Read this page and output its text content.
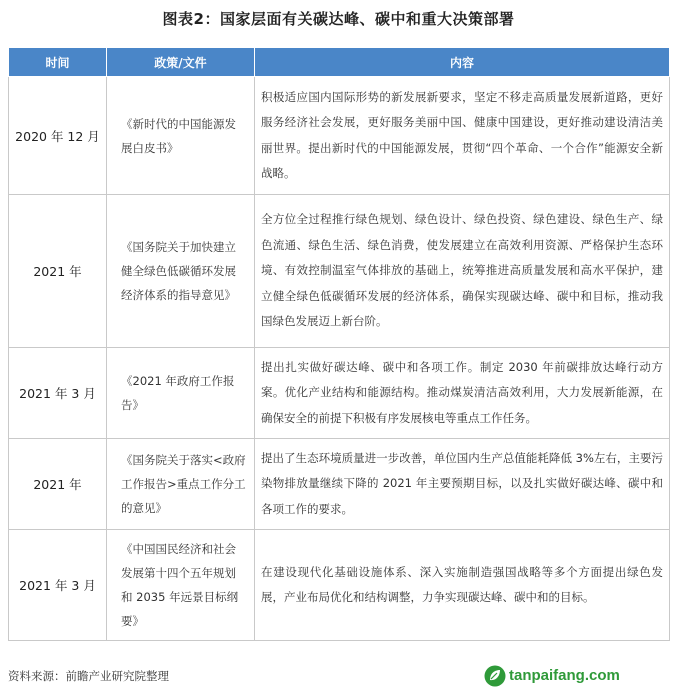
图表2：国家层面有关碳达峰、碳中和重大决策部署
时间	政策/文件	内容
2020 年 12 月	《新时代的中国能源发展白皮书》	积极适应国内国际形势的新发展新要求，坚定不移走高质量发展新道路，更好服务经济社会发展，更好服务美丽中国、健康中国建设，更好推动建设清洁美丽世界。提出新时代的中国能源发展，贯彻“四个革命、一个合作”能源安全新战略。
2021 年	《国务院关于加快建立健全绿色低碳循环发展经济体系的指导意见》	全方位全过程推行绿色规划、绿色设计、绿色投资、绿色建设、绿色生产、绿色流通、绿色生活、绿色消费，使发展建立在高效利用资源、严格保护生态环境、有效控制温室气体排放的基础上，统筹推进高质量发展和高水平保护，建立健全绿色低碳循环发展的经济体系，确保实现碳达峰、碳中和目标，推动我国绿色发展迈上新台阶。
2021 年 3 月	《2021 年政府工作报告》	提出扎实做好碳达峰、碳中和各项工作。制定 2030 年前碳排放达峰行动方案。优化产业结构和能源结构。推动煤炭清洁高效利用，大力发展新能源，在确保安全的前提下积极有序发展核电等重点工作任务。
2021 年	《国务院关于落实<政府工作报告>重点工作分工的意见》	提出了生态环境质量进一步改善，单位国内生产总值能耗降低 3%左右，主要污染物排放量继续下降的 2021 年主要预期目标，以及扎实做好碳达峰、碳中和各项工作的要求。
2021 年 3 月	《中国国民经济和社会发展第十四个五年规划和 2035 年远景目标纲要》	在建设现代化基础设施体系、深入实施制造强国战略等多个方面提出绿色发展，产业布局优化和结构调整，力争实现碳达峰、碳中和的目标。
资料来源：前瞻产业研究院整理	tanpaifang.com
